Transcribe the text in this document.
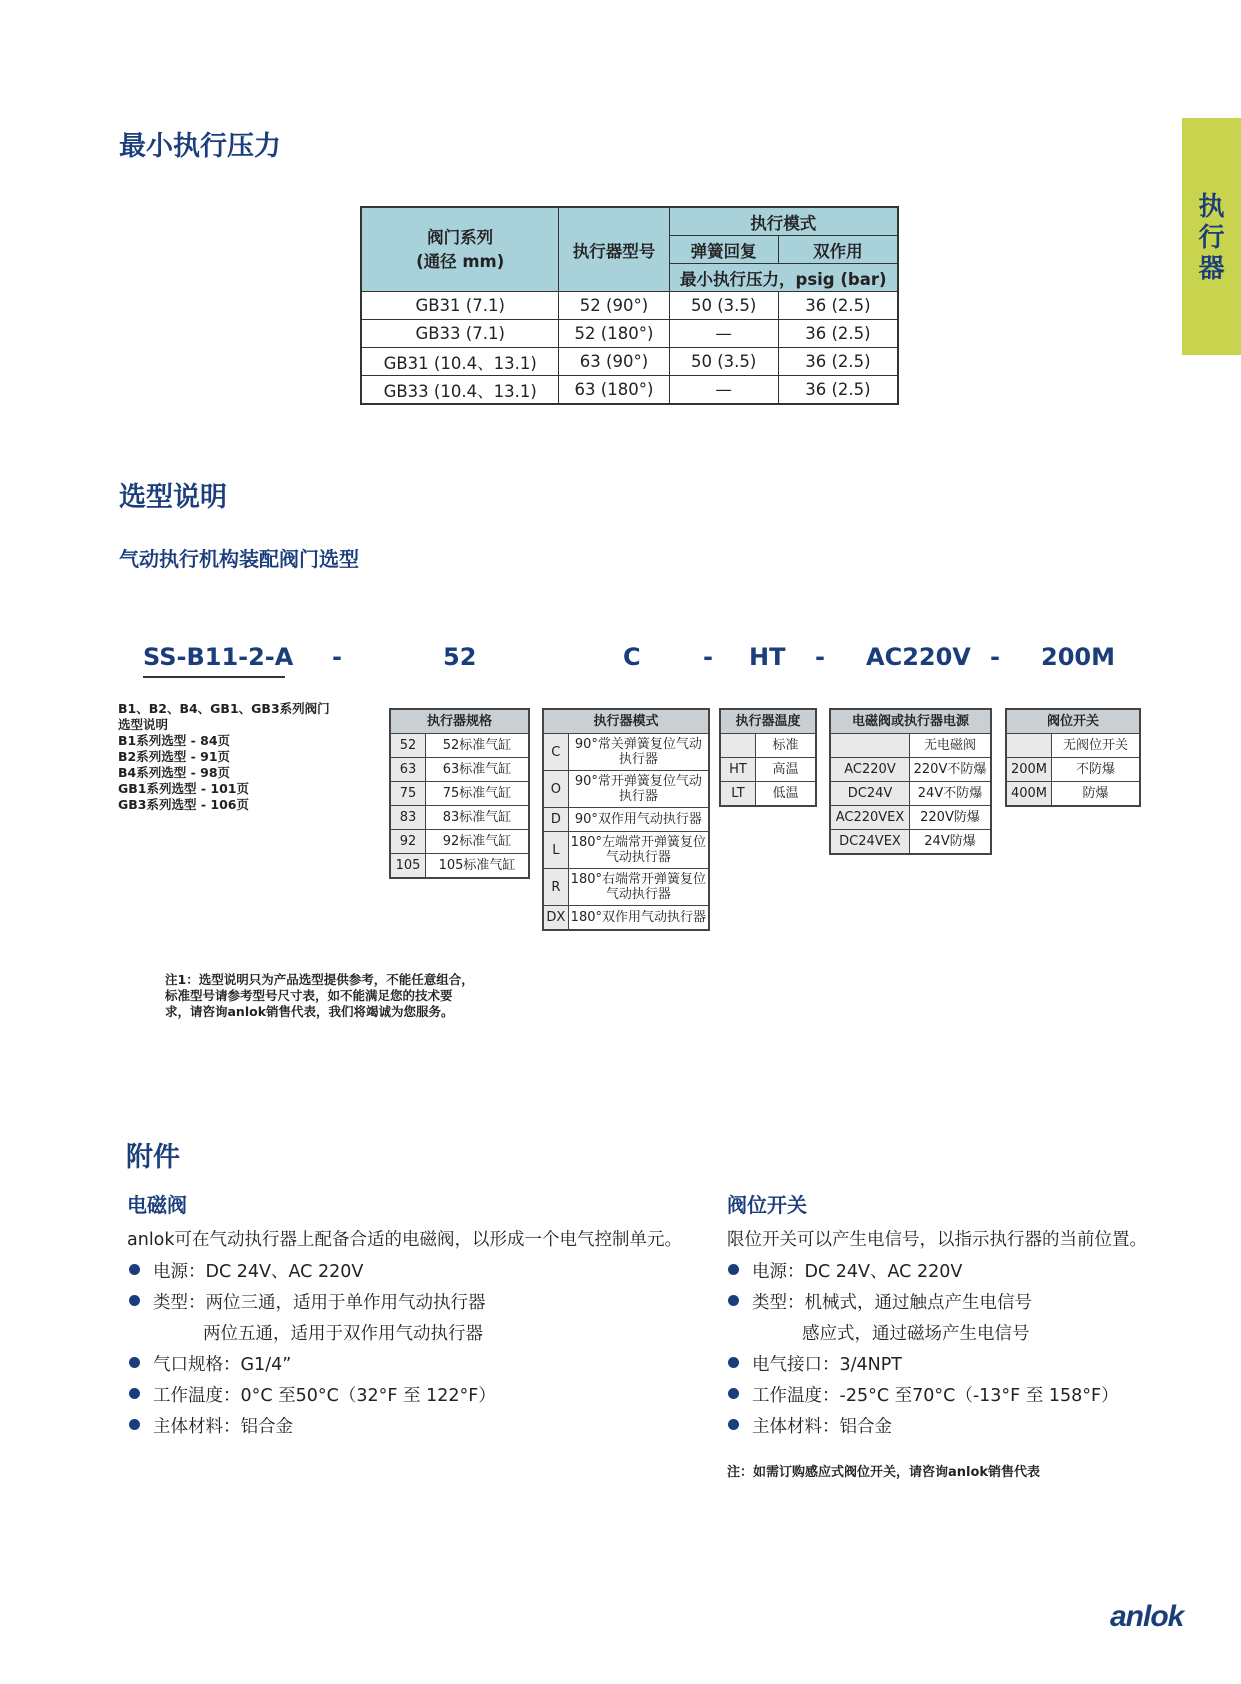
执
行
器
最小执行压力
阀门系列
(通径 mm)	执行器型号	执行模式	
		弹簧回复	双作用
		最小执行压力，psig (bar)	
GB31 (7.1)	52 (90°)	50 (3.5)	36 (2.5)
GB33 (7.1)	52 (180°)	—	36 (2.5)
GB31 (10.4、13.1)	63 (90°)	50 (3.5)	36 (2.5)
GB33 (10.4、13.1)	63 (180°)	—	36 (2.5)
选型说明
气动执行机构装配阀门选型
SS-B11-2-A -	52	C	- HT - AC220V - 200M
B1、B2、B4、GB1、GB3系列阀门
选型说明
B1系列选型 - 84页
B2系列选型 - 91页
B4系列选型 - 98页
GB1系列选型 - 101页
GB3系列选型 - 106页
执行器规格	
52	52标准气缸
63	63标准气缸
75	75标准气缸
83	83标准气缸
92	92标准气缸
105	105标准气缸
执行器模式	
C	90°常关弹簧复位气动执行器
O	90°常开弹簧复位气动执行器
D	90°双作用气动执行器
L	180°左端常开弹簧复位气动执行器
R	180°右端常开弹簧复位气动执行器
DX	180°双作用气动执行器
执行器温度	
	标准
HT	高温
LT	低温
电磁阀或执行器电源	
	无电磁阀
AC220V	220V不防爆
DC24V	24V不防爆
AC220VEX	220V防爆
DC24VEX	24V防爆
阀位开关	
	无阀位开关
200M	不防爆
400M	防爆
注1：选型说明只为产品选型提供参考，不能任意组合，标准型号请参考型号尺寸表，如不能满足您的技术要求，请咨询anlok销售代表，我们将竭诚为您服务。
附件
电磁阀
anlok可在气动执行器上配备合适的电磁阀，以形成一个电气控制单元。
电源：DC 24V、AC 220V
类型：两位三通，适用于单作用气动执行器
两位五通，适用于双作用气动执行器
气口规格：G1/4”
工作温度：0°C 至50°C（32°F 至 122°F）
主体材料：铝合金
阀位开关
限位开关可以产生电信号，以指示执行器的当前位置。
电源：DC 24V、AC 220V
类型：机械式，通过触点产生电信号
感应式，通过磁场产生电信号
电气接口：3/4NPT
工作温度：-25°C 至70°C（-13°F 至 158°F）
主体材料：铝合金
注：如需订购感应式阀位开关，请咨询anlok销售代表
anlok
